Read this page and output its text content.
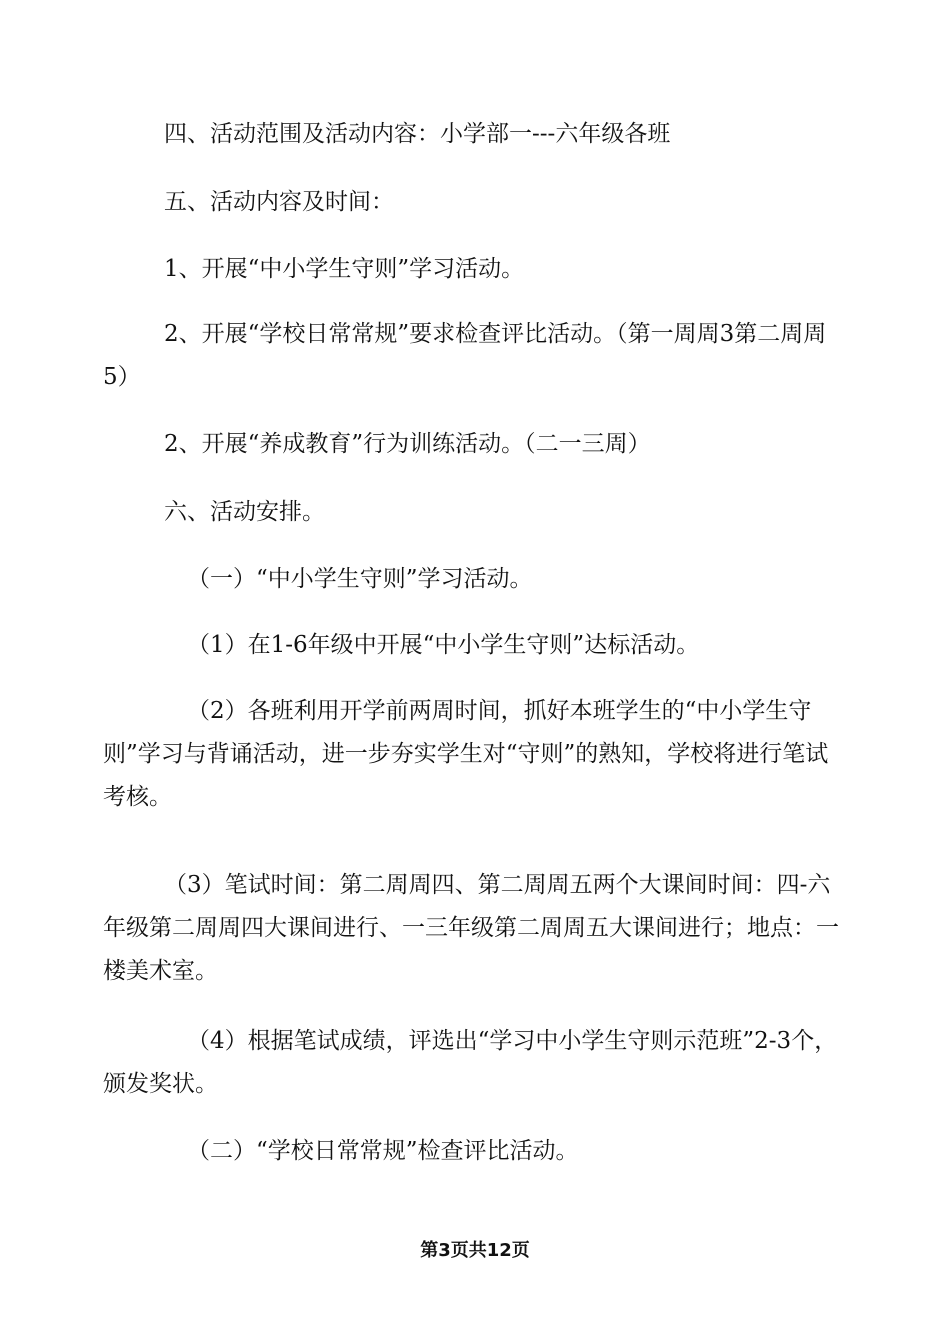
四、活动范围及活动内容：小学部一---六年级各班

五、活动内容及时间：

1、开展“中小学生守则”学习活动。

2、开展“学校日常常规”要求检查评比活动。（第一周周3第二周周5）

2、开展“养成教育”行为训练活动。（二一三周）

六、活动安排。

（一）“中小学生守则”学习活动。

（1）在1-6年级中开展“中小学生守则”达标活动。

（2）各班利用开学前两周时间，抓好本班学生的“中小学生守则”学习与背诵活动，进一步夯实学生对“守则”的熟知，学校将进行笔试考核。

（3）笔试时间：第二周周四、第二周周五两个大课间时间：四-六年级第二周周四大课间进行、一三年级第二周周五大课间进行；地点：一楼美术室。

（4）根据笔试成绩，评选出“学习中小学生守则示范班”2-3个，颁发奖状。

（二）“学校日常常规”检查评比活动。

第3页共12页
